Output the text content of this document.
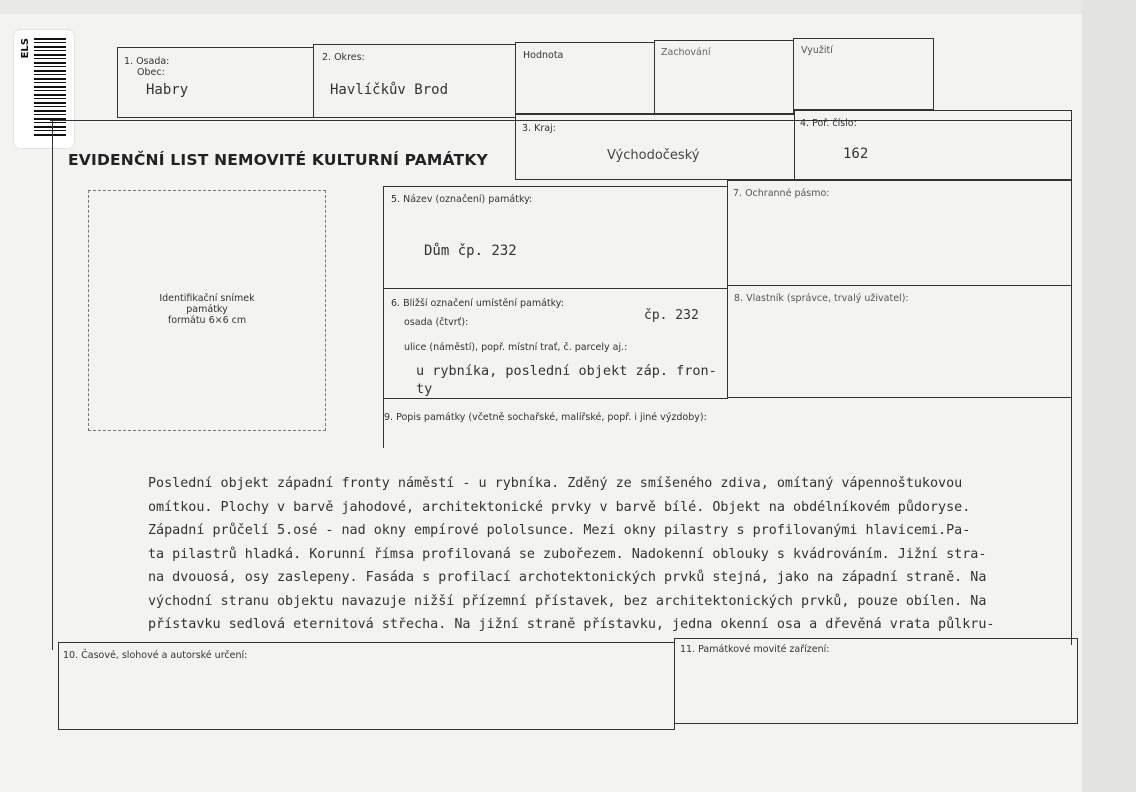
ELS
1. Osada:
Obec:
Habry
2. Okres:
Havlíčkův Brod
Hodnota	Zachování	Využití
3. Kraj:
Východočeský
4. Poř. číslo:
162
EVIDENČNÍ LIST NEMOVITÉ KULTURNÍ PAMÁTKY
Identifikační snímek
památky
formátu 6×6 cm
5. Název (označení) památky:
Dům čp. 232
7. Ochranné pásmo:
6. Bližší označení umístění památky:
osada (čtvrť):	čp. 232
ulice (náměstí), popř. místní trať, č. parcely aj.:
u rybníka, poslední objekt záp. fron-
ty
8. Vlastník (správce, trvalý uživatel):
9. Popis památky (včetně sochařské, malířské, popř. i jiné výzdoby):
Poslední objekt západní fronty náměstí - u rybníka. Zděný ze smíšeného zdiva, omítaný vápennoštukovou
omítkou. Plochy v barvě jahodové, architektonické prvky v barvě bílé. Objekt na obdélníkovém půdoryse.
Západní průčelí 5.osé - nad okny empírové pololsunce. Mezi okny pilastry s profilovanými hlavicemi.Pa-
ta pilastrů hladká. Korunní římsa profilovaná se zubořezem. Nadokenní oblouky s kvádrováním. Jižní stra-
na dvouosá, osy zaslepeny. Fasáda s profilací archotektonických prvků stejná, jako na západní straně. Na
východní stranu objektu navazuje nižší přízemní přístavek, bez architektonických prvků, pouze obílen. Na
přístavku sedlová eternitová střecha. Na jižní straně přístavku, jedna okenní osa a dřevěná vrata půlkru-
10. Časové, slohové a autorské určení:
11. Památkové movité zařízení:
